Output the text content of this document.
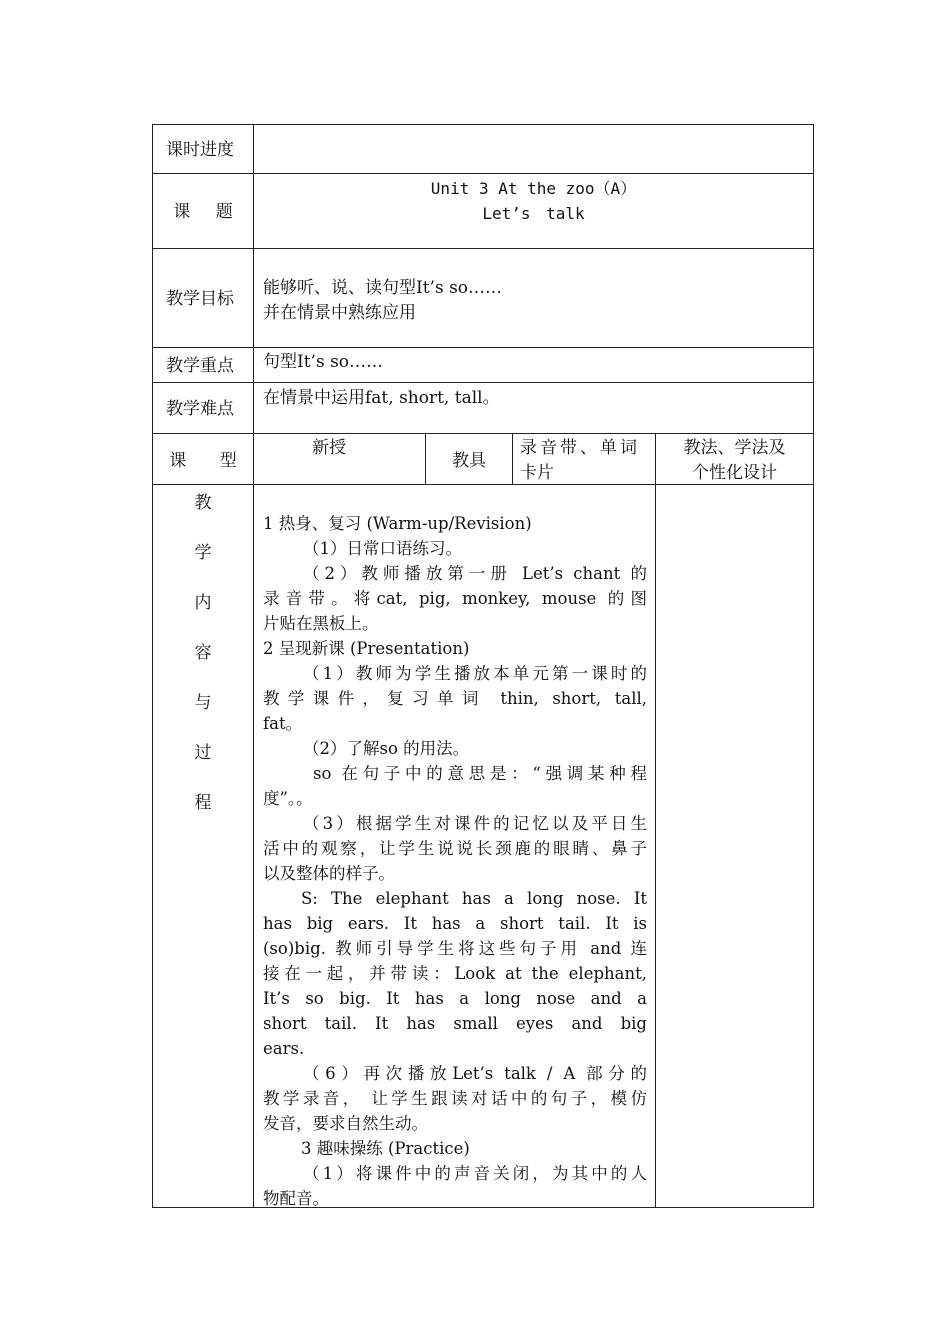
课时进度
课 题
Unit 3 At the zoo（A）
Let’s talk
教学目标
能够听、说、读句型It’s so……
并在情景中熟练应用
教学重点 句型It’s so……
教学难点
在情景中运用fat, short, tall。
课 型
新授
教具
录音带、单词
卡片
教法、学法及
个性化设计
教
学
内
容
与
过
程
1 热身、复习 (Warm-up/Revision)
（1）日常口语练习。
（2）教师播放第一册 Let’s chant 的
录音带。将cat, pig, monkey, mouse 的图
片贴在黑板上。
2 呈现新课 (Presentation)
（1）教师为学生播放本单元第一课时的
教学课件，复习单词 thin, short, tall,
fat。
（2）了解so 的用法。
so 在句子中的意思是：“强调某种程
度”。。
（3）根据学生对课件的记忆以及平日生
活中的观察，让学生说说长颈鹿的眼睛、鼻子
以及整体的样子。
S: The elephant has a long nose. It
has big ears. It has a short tail. It is
(so)big. 教师引导学生将这些句子用 and 连
接在一起，并带读：Look at the elephant,
It’s so big. It has a long nose and a
short tail. It has small eyes and big
ears.
（6）再次播放Let’s talk / A 部分的
教学录音， 让学生跟读对话中的句子，模仿
发音，要求自然生动。
3 趣味操练 (Practice)
（1）将课件中的声音关闭，为其中的人
物配音。
